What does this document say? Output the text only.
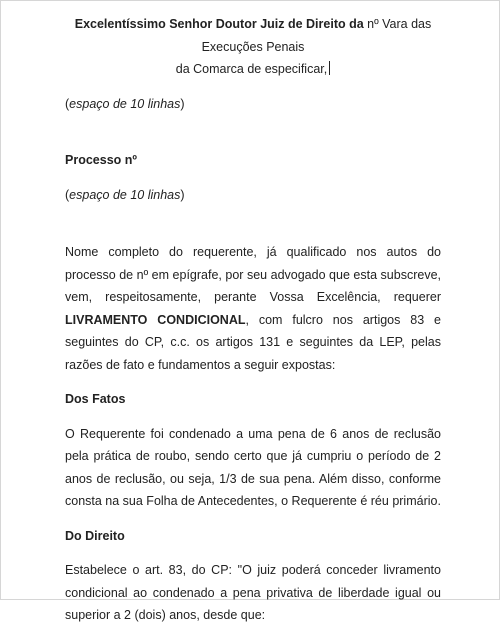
Excelentíssimo Senhor Doutor Juiz de Direito da nº Vara das Execuções Penais

da Comarca de especificar,

(espaço de 10 linhas)

Processo nº

(espaço de 10 linhas)

Nome completo do requerente, já qualificado nos autos do processo de nº em epígrafe, por seu advogado que esta subscreve, vem, respeitosamente, perante Vossa Excelência, requerer LIVRAMENTO CONDICIONAL, com fulcro nos artigos 83 e seguintes do CP, c.c. os artigos 131 e seguintes da LEP, pelas razões de fato e fundamentos a seguir expostas:

Dos Fatos

O Requerente foi condenado a uma pena de 6 anos de reclusão pela prática de roubo, sendo certo que já cumpriu o período de 2 anos de reclusão, ou seja, 1/3 de sua pena. Além disso, conforme consta na sua Folha de Antecedentes, o Requerente é réu primário.

Do Direito

Estabelece o art. 83, do CP: "O juiz poderá conceder livramento condicional ao condenado a pena privativa de liberdade igual ou superior a 2 (dois) anos, desde que:
